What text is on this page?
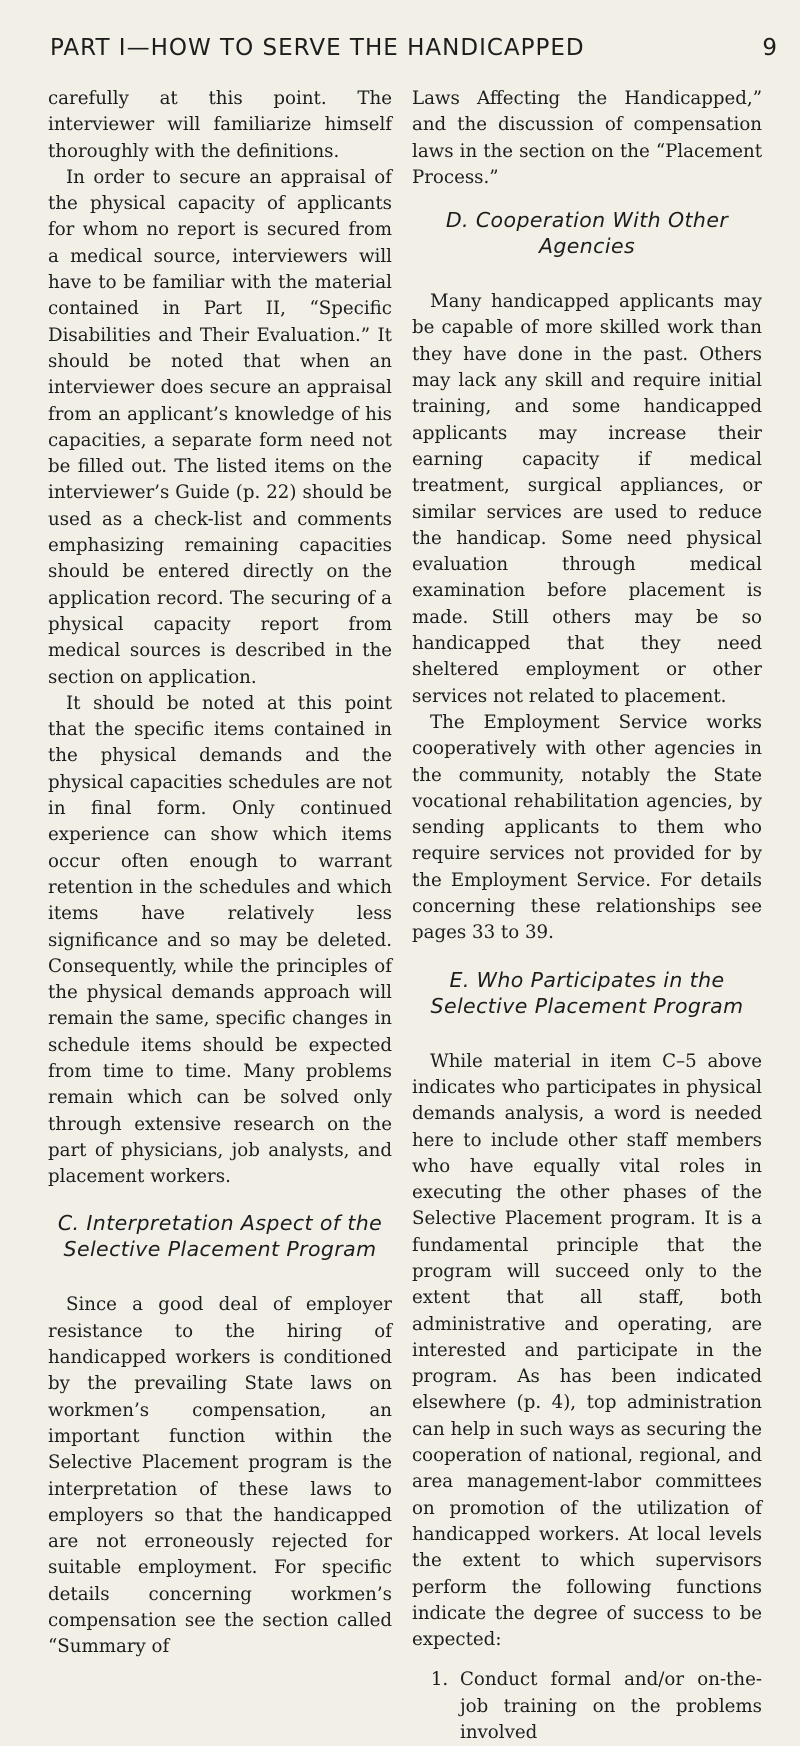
PART I—HOW TO SERVE THE HANDICAPPED	9

carefully at this point. The interviewer will familiarize himself thoroughly with the definitions.

In order to secure an appraisal of the physical capacity of applicants for whom no report is secured from a medical source, interviewers will have to be familiar with the material contained in Part II, “Specific Disabilities and Their Evaluation.” It should be noted that when an interviewer does secure an appraisal from an applicant’s knowledge of his capacities, a separate form need not be filled out. The listed items on the interviewer’s Guide (p. 22) should be used as a check-list and comments emphasizing remaining capacities should be entered directly on the application record. The securing of a physical capacity report from medical sources is described in the section on application.

It should be noted at this point that the specific items contained in the physical demands and the physical capacities schedules are not in final form. Only continued experience can show which items occur often enough to warrant retention in the schedules and which items have relatively less significance and so may be deleted. Consequently, while the principles of the physical demands approach will remain the same, specific changes in schedule items should be expected from time to time. Many problems remain which can be solved only through extensive research on the part of physicians, job analysts, and placement workers.

C. Interpretation Aspect of the Selective Placement Program

Since a good deal of employer resistance to the hiring of handicapped workers is conditioned by the prevailing State laws on workmen’s compensation, an important function within the Selective Placement program is the interpretation of these laws to employers so that the handicapped are not erroneously rejected for suitable employment. For specific details concerning workmen’s compensation see the section called “Summary of

Laws Affecting the Handicapped,” and the discussion of compensation laws in the section on the “Placement Process.”

D. Cooperation With Other Agencies

Many handicapped applicants may be capable of more skilled work than they have done in the past. Others may lack any skill and require initial training, and some handicapped applicants may increase their earning capacity if medical treatment, surgical appliances, or similar services are used to reduce the handicap. Some need physical evaluation through medical examination before placement is made. Still others may be so handicapped that they need sheltered employment or other services not related to placement.

The Employment Service works cooperatively with other agencies in the community, notably the State vocational rehabilitation agencies, by sending applicants to them who require services not provided for by the Employment Service. For details concerning these relationships see pages 33 to 39.

E. Who Participates in the Selective Placement Program

While material in item C–5 above indicates who participates in physical demands analysis, a word is needed here to include other staff members who have equally vital roles in executing the other phases of the Selective Placement program. It is a fundamental principle that the program will succeed only to the extent that all staff, both administrative and operating, are interested and participate in the program. As has been indicated elsewhere (p. 4), top administration can help in such ways as securing the cooperation of national, regional, and area management-labor committees on promotion of the utilization of handicapped workers. At local levels the extent to which supervisors perform the following functions indicate the degree of success to be expected:

1. Conduct formal and/or on-the-job training on the problems involved
